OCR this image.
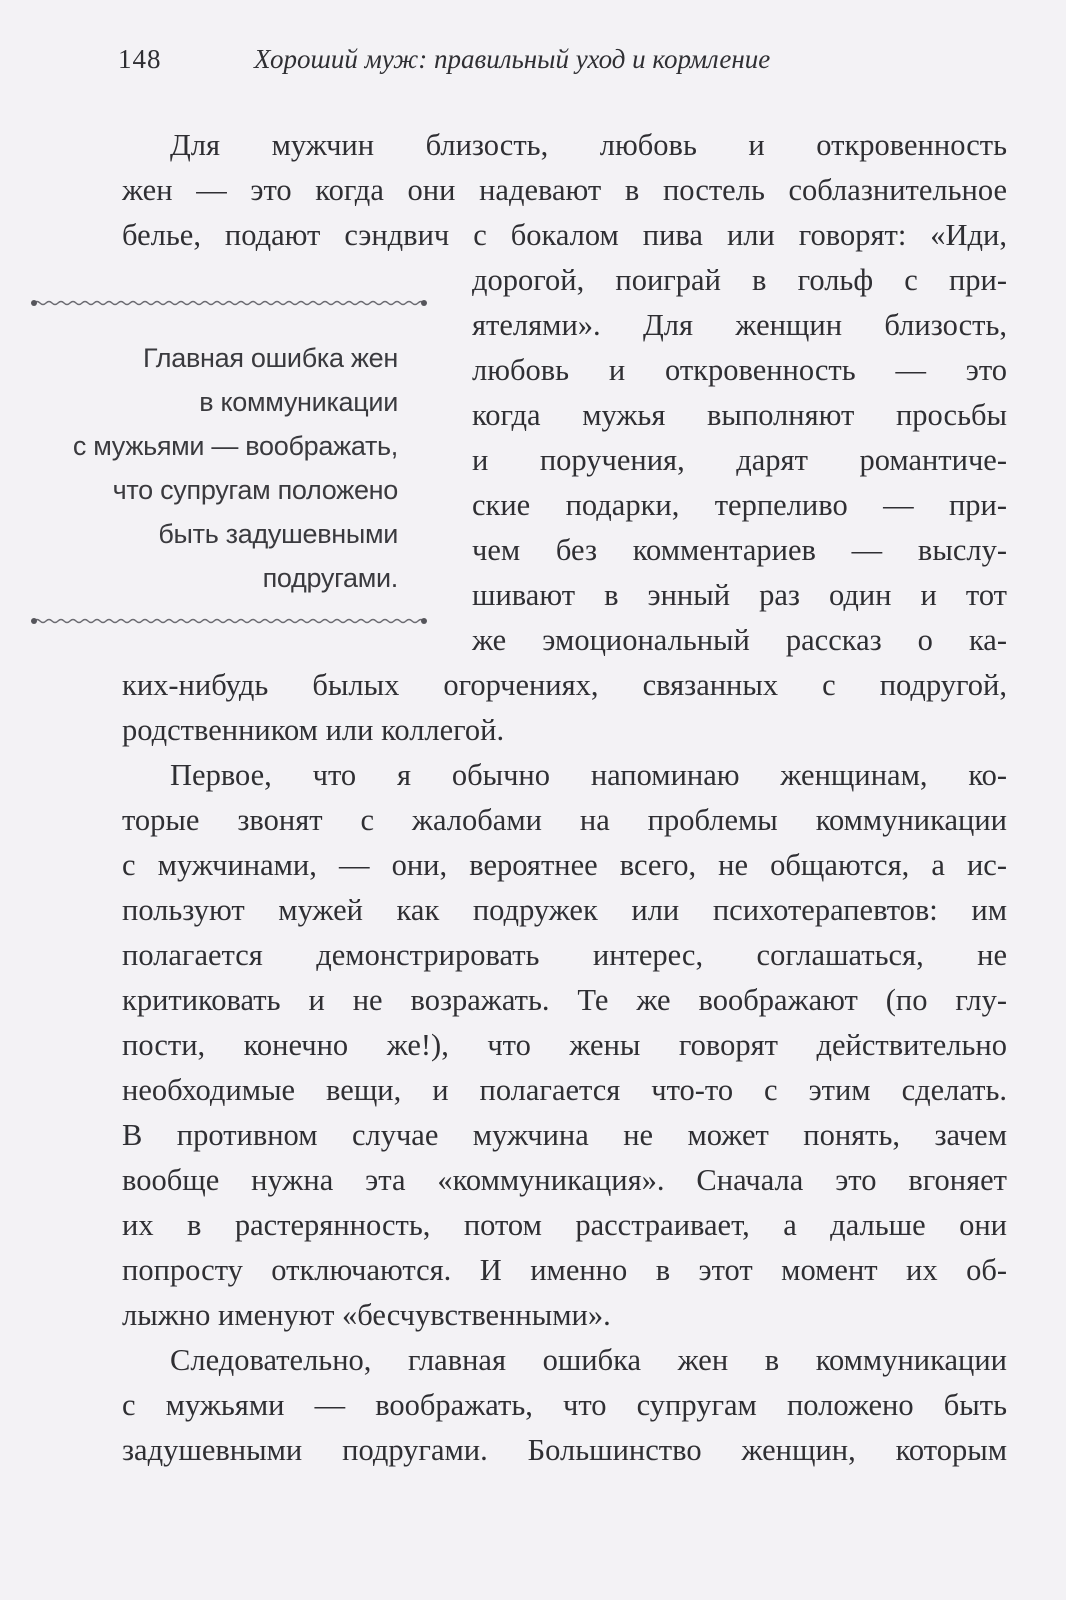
148	Хороший муж: правильный уход и кормление
Главная ошибка жен
в коммуникации
с мужьями — воображать,
что супругам положено
быть задушевными
подругами.
Для мужчин близость, любовь и откровенность
жен — это когда они надевают в постель соблазнительное
белье, подают сэндвич с бокалом пива или говорят: «Иди,
дорогой, поиграй в гольф с при-
ятелями». Для женщин близость,
любовь и откровенность — это
когда мужья выполняют просьбы
и поручения, дарят романтиче-
ские подарки, терпеливо — при-
чем без комментариев — выслу-
шивают в энный раз один и тот
же эмоциональный рассказ о ка-
ких-нибудь былых огорчениях, связанных с подругой,
родственником или коллегой.
Первое, что я обычно напоминаю женщинам, ко-
торые звонят с жалобами на проблемы коммуникации
с мужчинами, — они, вероятнее всего, не общаются, а ис-
пользуют мужей как подружек или психотерапевтов: им
полагается демонстрировать интерес, соглашаться, не
критиковать и не возражать. Те же воображают (по глу-
пости, конечно же!), что жены говорят действительно
необходимые вещи, и полагается что-то с этим сделать.
В противном случае мужчина не может понять, зачем
вообще нужна эта «коммуникация». Сначала это вгоняет
их в растерянность, потом расстраивает, а дальше они
попросту отключаются. И именно в этот момент их об-
лыжно именуют «бесчувственными».
Следовательно, главная ошибка жен в коммуникации
с мужьями — воображать, что супругам положено быть
задушевными подругами. Большинство женщин, которым
